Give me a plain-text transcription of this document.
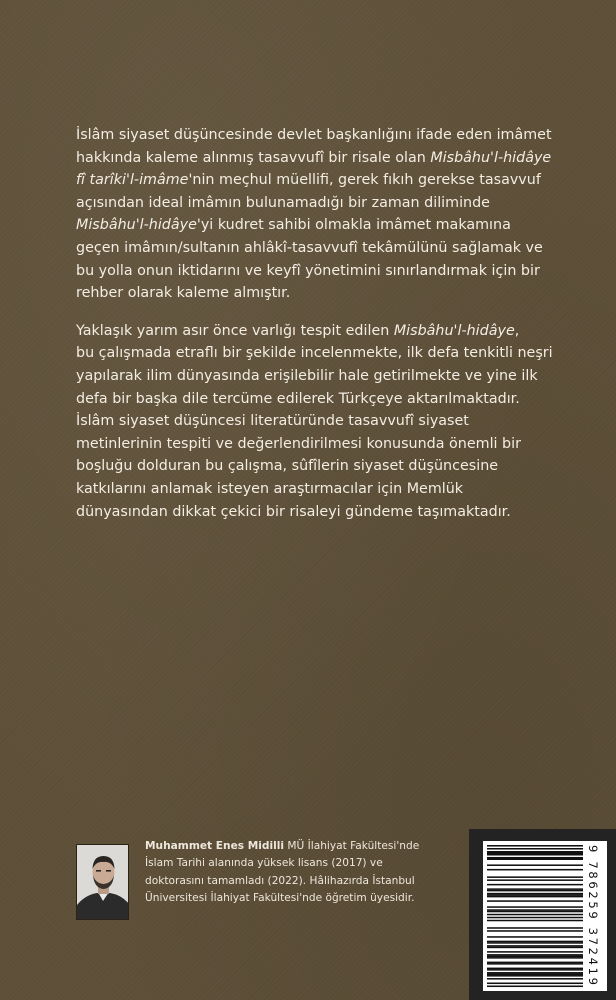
İslâm siyaset düşüncesinde devlet başkanlığını ifade eden imâmet
hakkında kaleme alınmış tasavvufî bir risale olan Misbâhu'l-hidâye
fî tarîki'l-imâme'nin meçhul müellifi, gerek fıkıh gerekse tasavvuf
açısından ideal imâmın bulunamadığı bir zaman diliminde
Misbâhu'l-hidâye'yi kudret sahibi olmakla imâmet makamına
geçen imâmın/sultanın ahlâkî-tasavvufî tekâmülünü sağlamak ve
bu yolla onun iktidarını ve keyfî yönetimini sınırlandırmak için bir
rehber olarak kaleme almıştır.

Yaklaşık yarım asır önce varlığı tespit edilen Misbâhu'l-hidâye,
bu çalışmada etraflı bir şekilde incelenmekte, ilk defa tenkitli neşri
yapılarak ilim dünyasında erişilebilir hale getirilmekte ve yine ilk
defa bir başka dile tercüme edilerek Türkçeye aktarılmaktadır.
İslâm siyaset düşüncesi literatüründe tasavvufî siyaset
metinlerinin tespiti ve değerlendirilmesi konusunda önemli bir
boşluğu dolduran bu çalışma, sûfîlerin siyaset düşüncesine
katkılarını anlamak isteyen araştırmacılar için Memlük
dünyasından dikkat çekici bir risaleyi gündeme taşımaktadır.

Muhammet Enes Midilli MÜ İlahiyat Fakültesi'nde
İslam Tarihi alanında yüksek lisans (2017) ve
doktorasını tamamladı (2022). Hâlihazırda İstanbul
Üniversitesi İlahiyat Fakültesi'nde öğretim üyesidir.
9 786259 372419
